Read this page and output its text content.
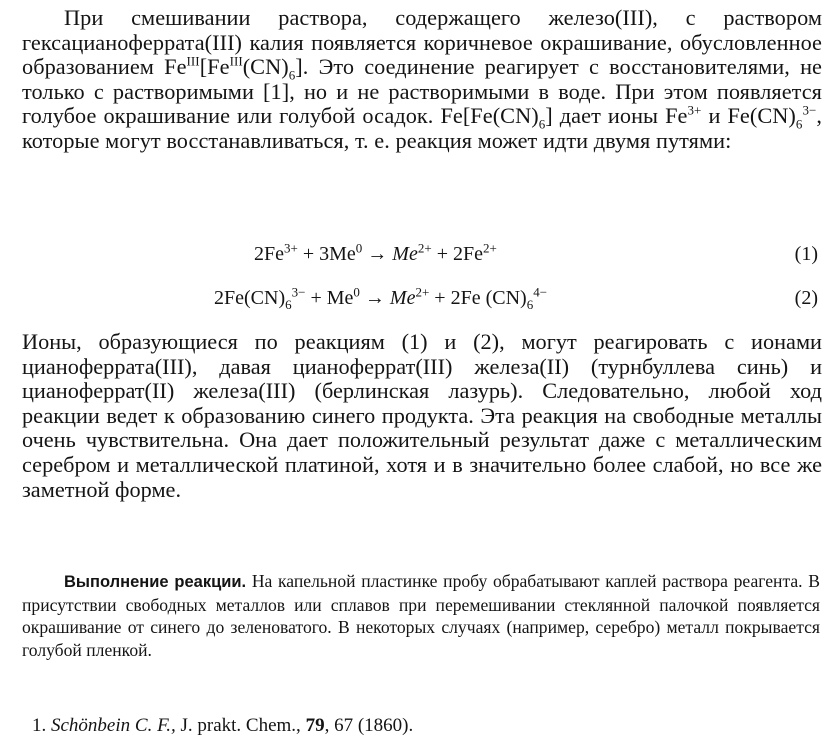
При смешивании раствора, содержащего железо(III), с раствором гексацианоферрата(III) калия появляется коричневое окрашивание, обусловленное образованием $Fe^{III}[Fe^{III}(CN)_6]$. Это соединение реагирует с восстановителями, не только с растворимыми [1], но и не растворимыми в воде. При этом появляется голубое окрашивание или голубой осадок. $Fe[Fe(CN)_6]$ дает ионы $Fe^{3+}$ и $Fe(CN)_6^{3-}$, которые могут восстанавливаться, т. е. реакция может идти двумя путями:

$2Fe^{3+} + 3Me^0 \to Me^{2+} + 2Fe^{2+}$	(1)
$2Fe(CN)_6^{3-} + Me^0 \to Me^{2+} + 2Fe$ $(CN)_6^{4-}$	(2)

Ионы, образующиеся по реакциям (1) и (2), могут реагировать с ионами цианоферрата(III), давая цианоферрат(III) железа(II) (турнбуллева синь) и цианоферрат(II) железа(III) (берлинская лазурь). Следовательно, любой ход реакции ведет к образованию синего продукта. Эта реакция на свободные металлы очень чувствительна. Она дает положительный результат даже с металлическим серебром и металлической платиной, хотя и в значительно более слабой, но все же заметной форме.

Выполнение реакции. На капельной пластинке пробу обрабатывают каплей раствора реагента. В присутствии свободных металлов или сплавов при перемешивании стеклянной палочкой появляется окрашивание от синего до зеленоватого. В некоторых случаях (например, серебро) металл покрывается голубой пленкой.

1. Schönbein C. F., J. prakt. Chem., 79, 67 (1860).
